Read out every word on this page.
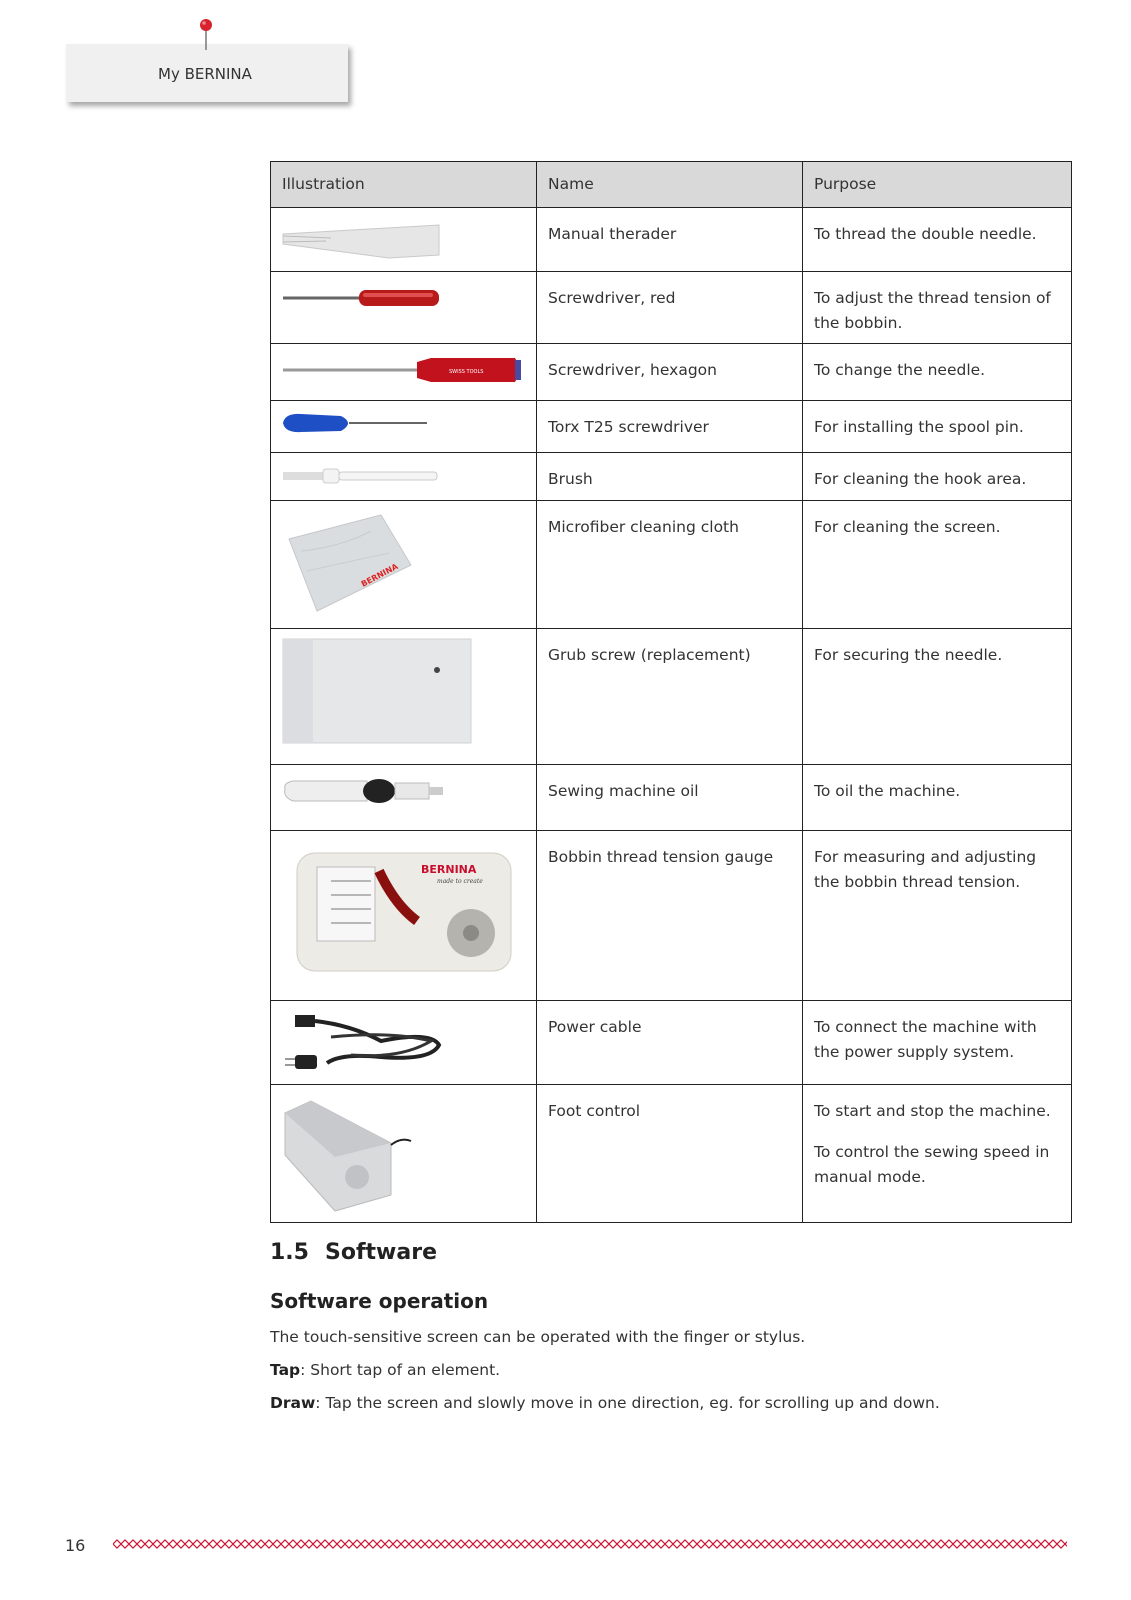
My BERNINA
Illustration	Name	Purpose

	Manual therader	To thread the double needle.

	Screwdriver, red	To adjust the thread tension of the bobbin.

SWISS TOOLS	Screwdriver, hexagon	To change the needle.

	Torx T25 screwdriver	For installing the spool pin.

	Brush	For cleaning the hook area.

BERNINA	Microfiber cleaning cloth	For cleaning the screen.

	Grub screw (replacement)	For securing the needle.

	Sewing machine oil	To oil the machine.

BERNINA
made to create	Bobbin thread tension gauge	For measuring and adjusting the bobbin thread tension.

	Power cable	To connect the machine with the power supply system.

	Foot control	To start and stop the machine.
To control the sewing speed in manual mode.
1.5 Software
Software operation

The touch-sensitive screen can be operated with the finger or stylus.

Tap: Short tap of an element.

Draw: Tap the screen and slowly move in one direction, eg. for scrolling up and down.

16
